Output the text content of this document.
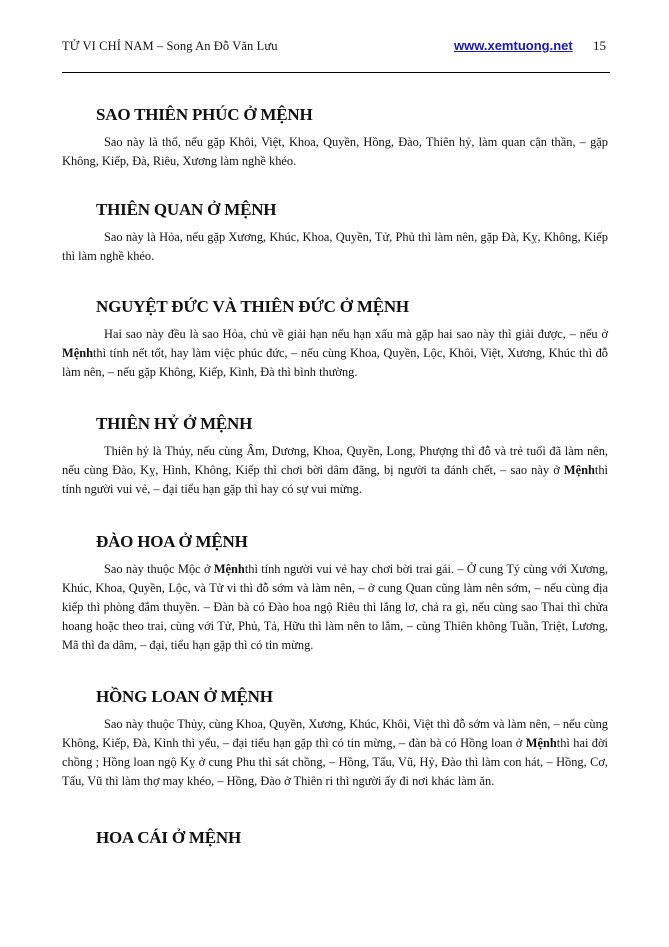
TỬ VI CHỈ NAM – Song An Đỗ Văn Lưu	www.xemtuong.net 15
SAO THIÊN PHÚC Ở MỆNH

Sao này là thổ, nếu gặp Khôi, Việt, Khoa, Quyền, Hồng, Đào, Thiên hỷ, làm quan cận thần, – gặp Không, Kiếp, Đà, Riêu, Xương làm nghề khéo.

THIÊN QUAN Ở MỆNH

Sao này là Hỏa, nếu gặp Xương, Khúc, Khoa, Quyền, Tử, Phủ thì làm nên, gặp Đà, Kỵ, Không, Kiếp thì làm nghề khéo.

NGUYỆT ĐỨC VÀ THIÊN ĐỨC Ở MỆNH

Hai sao này đều là sao Hỏa, chủ về giải hạn nếu hạn xấu mà gặp hai sao này thì giải được, – nếu ở Mệnhthì tính nết tốt, hay làm việc phúc đức, – nếu cùng Khoa, Quyền, Lộc, Khôi, Việt, Xương, Khúc thì đỗ làm nên, – nếu gặp Không, Kiếp, Kình, Đà thì bình thường.

THIÊN HỶ Ở MỆNH

Thiên hỷ là Thủy, nếu cùng Âm, Dương, Khoa, Quyền, Long, Phượng thì đỗ và trẻ tuổi đã làm nên, nếu cùng Đào, Kỵ, Hình, Không, Kiếp thì chơi bời dâm đãng, bị người ta đánh chết, – sao này ở Mệnhthì tính người vui vẻ, – đại tiểu hạn gặp thì hay có sự vui mừng.

ĐÀO HOA Ở MỆNH

Sao này thuộc Mộc ở Mệnhthì tính người vui vẻ hay chơi bời trai gái. – Ở cung Tý cùng với Xương, Khúc, Khoa, Quyền, Lộc, và Tử vi thì đỗ sớm và làm nên, – ở cung Quan cũng làm nên sớm, – nếu cùng địa kiếp thì phòng đắm thuyền. – Đàn bà có Đào hoa ngộ Riêu thì lẳng lơ, chả ra gì, nếu cùng sao Thai thì chửa hoang hoặc theo trai, cùng với Tử, Phủ, Tả, Hữu thì làm nên to lắm, – cùng Thiên không Tuần, Triệt, Lương, Mã thì đa dâm, – đại, tiểu hạn gặp thì có tin mừng.

HỒNG LOAN Ở MỆNH

Sao này thuộc Thủy, cùng Khoa, Quyền, Xương, Khúc, Khôi, Việt thì đỗ sớm và làm nên, – nếu cùng Không, Kiếp, Đà, Kình thì yểu, – đại tiểu hạn gặp thì có tin mừng, – đàn bà có Hồng loan ở Mệnhthì hai đời chồng ; Hồng loan ngộ Kỵ ở cung Phu thì sát chồng, – Hồng, Tấu, Vũ, Hỷ, Đào thì làm con hát, – Hồng, Cơ, Tấu, Vũ thì làm thợ may khéo, – Hồng, Đào ở Thiên ri thì người ấy đi nơi khác làm ăn.

HOA CÁI Ở MỆNH
